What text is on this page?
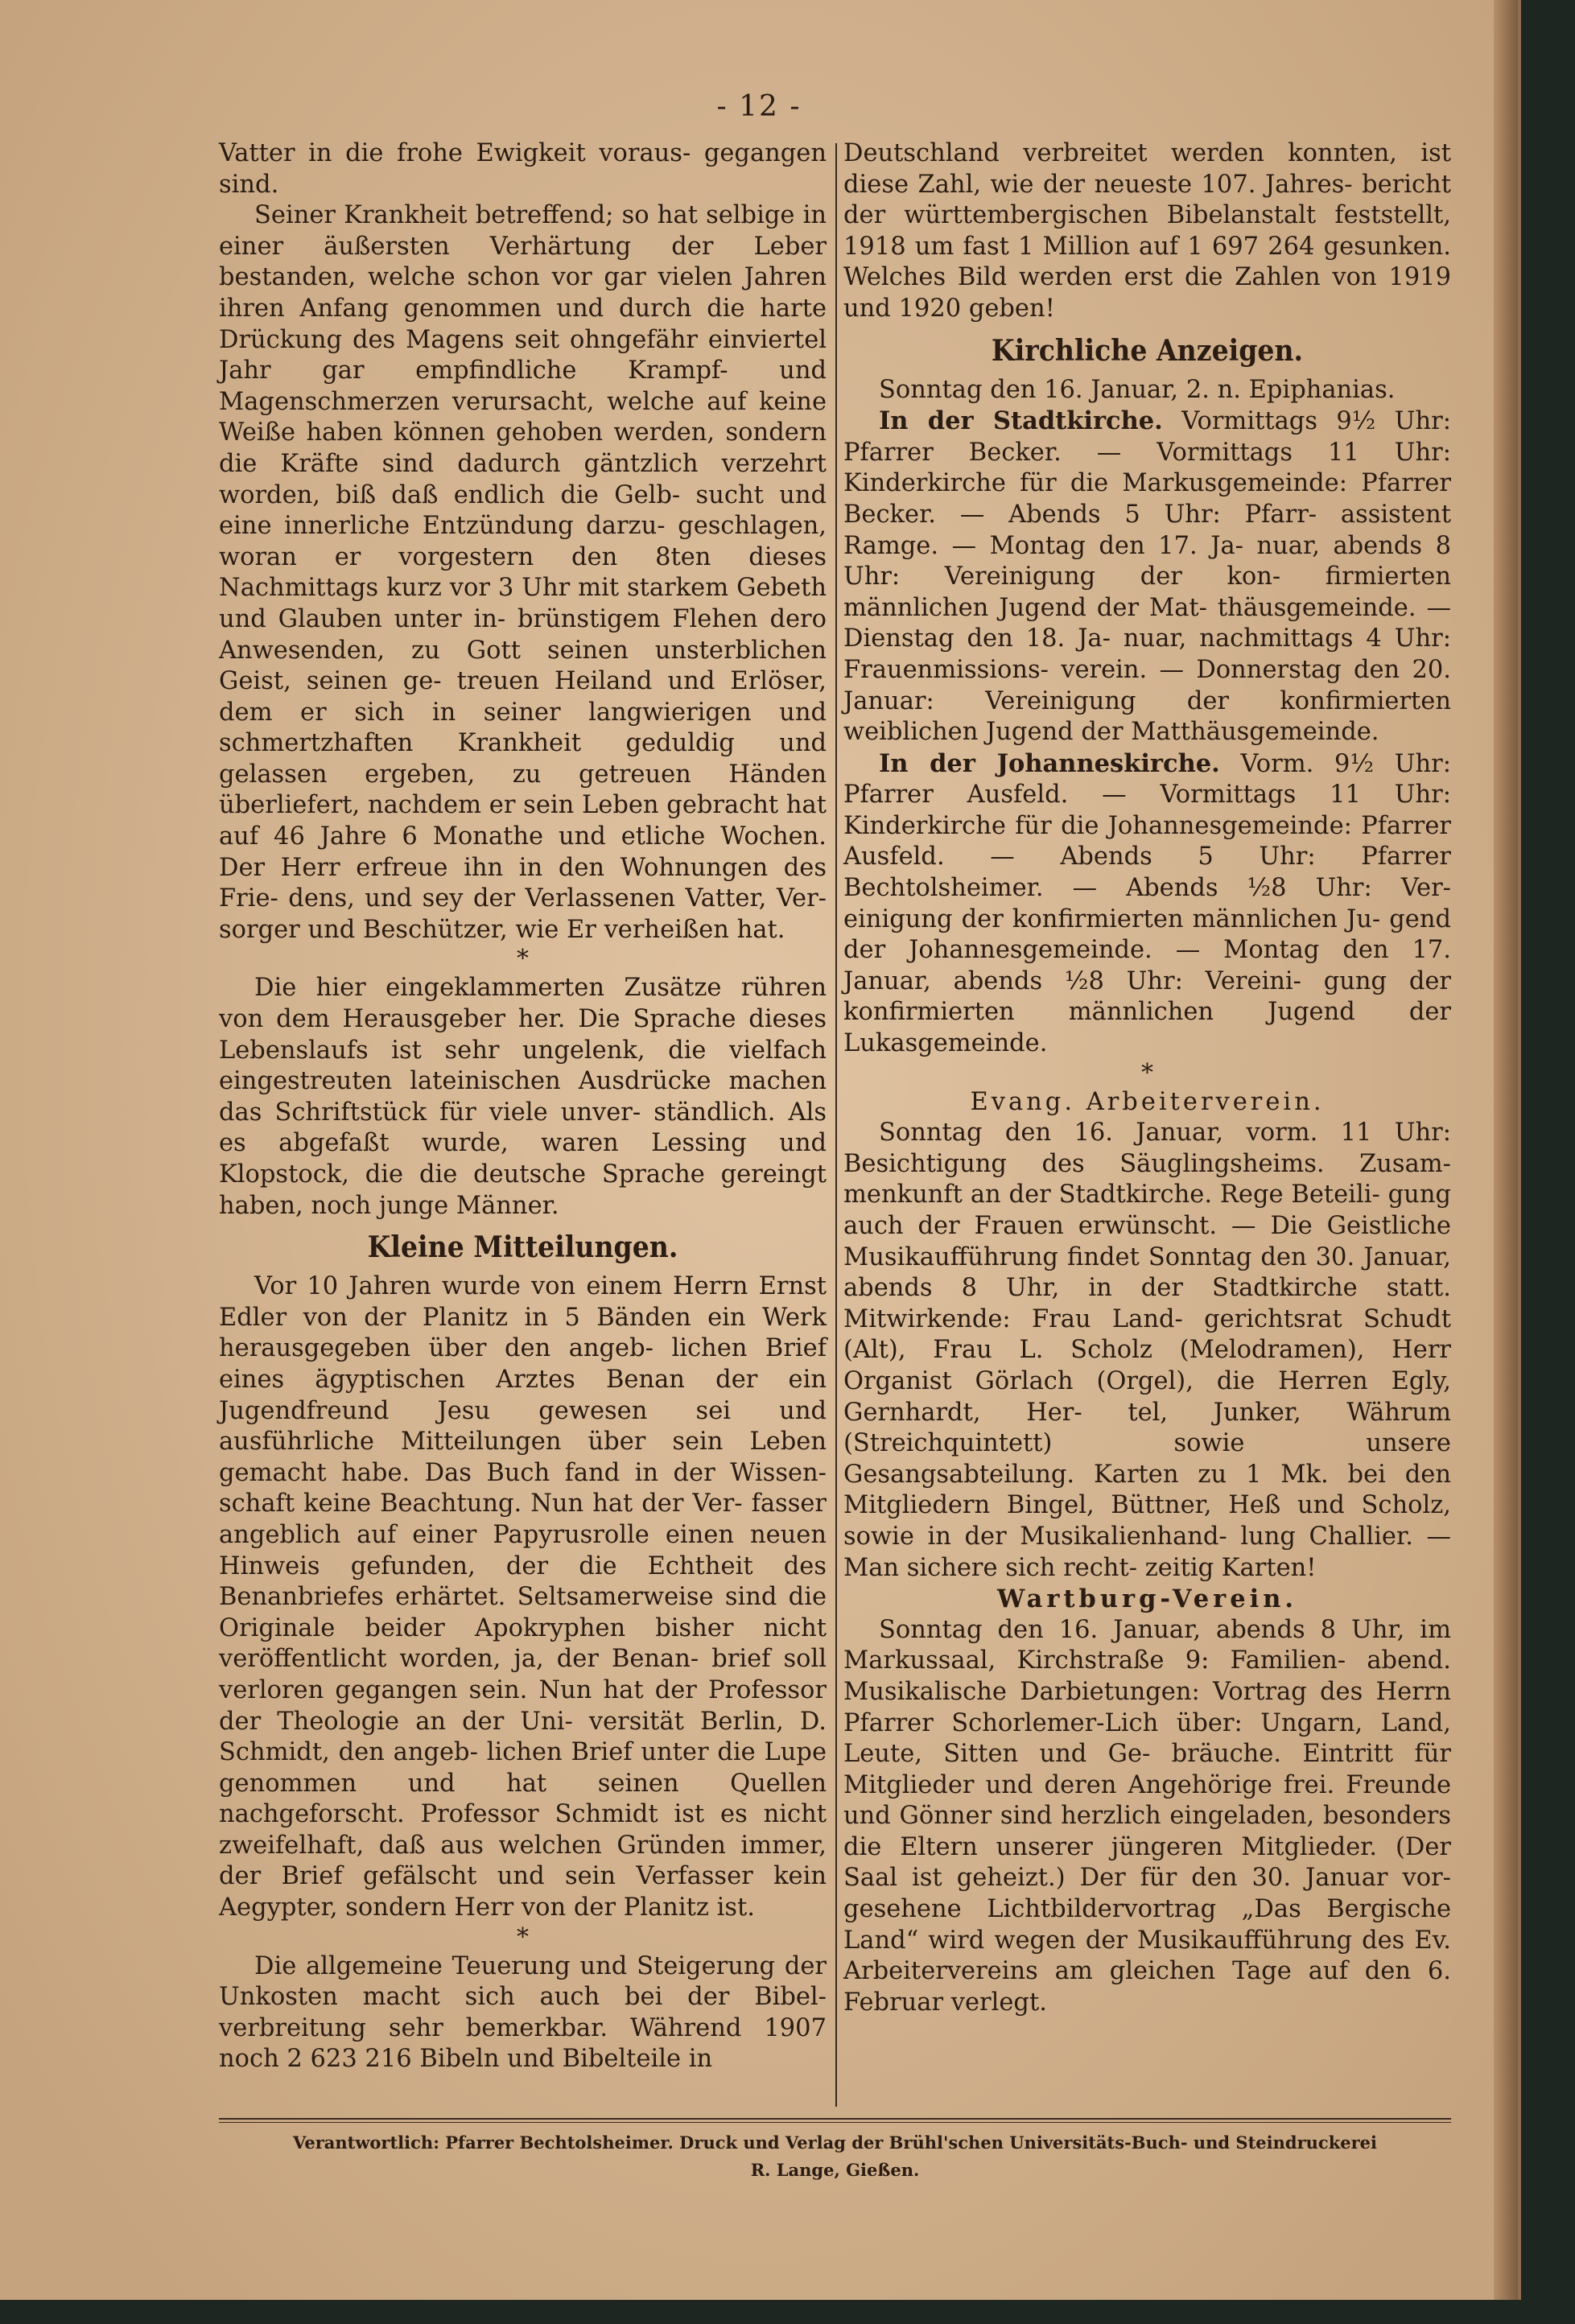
- 12 -

Vatter in die frohe Ewigkeit voraus- gegangen sind.

Seiner Krankheit betreffend; so hat selbige in einer äußersten Verhärtung der Leber bestanden, welche schon vor gar vielen Jahren ihren Anfang genommen und durch die harte Drückung des Magens seit ohngefähr einviertel Jahr gar empfindliche Krampf- und Magenschmerzen verursacht, welche auf keine Weiße haben können gehoben werden, sondern die Kräfte sind dadurch gäntzlich verzehrt worden, biß daß endlich die Gelb- sucht und eine innerliche Entzündung darzu- geschlagen, woran er vorgestern den 8ten dieses Nachmittags kurz vor 3 Uhr mit starkem Gebeth und Glauben unter in- brünstigem Flehen dero Anwesenden, zu Gott seinen unsterblichen Geist, seinen ge- treuen Heiland und Erlöser, dem er sich in seiner langwierigen und schmertzhaften Krankheit geduldig und gelassen ergeben, zu getreuen Händen überliefert, nachdem er sein Leben gebracht hat auf 46 Jahre 6 Monathe und etliche Wochen. Der Herr erfreue ihn in den Wohnungen des Frie- dens, und sey der Verlassenen Vatter, Ver- sorger und Beschützer, wie Er verheißen hat.

*

Die hier eingeklammerten Zusätze rühren von dem Herausgeber her. Die Sprache dieses Lebenslaufs ist sehr ungelenk, die vielfach eingestreuten lateinischen Ausdrücke machen das Schriftstück für viele unver- ständlich. Als es abgefaßt wurde, waren Lessing und Klopstock, die die deutsche Sprache gereingt haben, noch junge Männer.

Kleine Mitteilungen.

Vor 10 Jahren wurde von einem Herrn Ernst Edler von der Planitz in 5 Bänden ein Werk herausgegeben über den angeb- lichen Brief eines ägyptischen Arztes Benan der ein Jugendfreund Jesu gewesen sei und ausführliche Mitteilungen über sein Leben gemacht habe. Das Buch fand in der Wissen- schaft keine Beachtung. Nun hat der Ver- fasser angeblich auf einer Papyrusrolle einen neuen Hinweis gefunden, der die Echtheit des Benanbriefes erhärtet. Seltsamerweise sind die Originale beider Apokryphen bisher nicht veröffentlicht worden, ja, der Benan- brief soll verloren gegangen sein. Nun hat der Professor der Theologie an der Uni- versität Berlin, D. Schmidt, den angeb- lichen Brief unter die Lupe genommen und hat seinen Quellen nachgeforscht. Professor Schmidt ist es nicht zweifelhaft, daß aus welchen Gründen immer, der Brief gefälscht und sein Verfasser kein Aegypter, sondern Herr von der Planitz ist.

*

Die allgemeine Teuerung und Steigerung der Unkosten macht sich auch bei der Bibel- verbreitung sehr bemerkbar. Während 1907 noch 2 623 216 Bibeln und Bibelteile in

Deutschland verbreitet werden konnten, ist diese Zahl, wie der neueste 107. Jahres- bericht der württembergischen Bibelanstalt feststellt, 1918 um fast 1 Million auf 1 697 264 gesunken. Welches Bild werden erst die Zahlen von 1919 und 1920 geben!

Kirchliche Anzeigen.

Sonntag den 16. Januar, 2. n. Epiphanias.

In der Stadtkirche. Vormittags 9½ Uhr: Pfarrer Becker. — Vormittags 11 Uhr: Kinderkirche für die Markusgemeinde: Pfarrer Becker. — Abends 5 Uhr: Pfarr- assistent Ramge. — Montag den 17. Ja- nuar, abends 8 Uhr: Vereinigung der kon- firmierten männlichen Jugend der Mat- thäusgemeinde. — Dienstag den 18. Ja- nuar, nachmittags 4 Uhr: Frauenmissions- verein. — Donnerstag den 20. Januar: Vereinigung der konfirmierten weiblichen Jugend der Matthäusgemeinde.

In der Johanneskirche. Vorm. 9½ Uhr: Pfarrer Ausfeld. — Vormittags 11 Uhr: Kinderkirche für die Johannesgemeinde: Pfarrer Ausfeld. — Abends 5 Uhr: Pfarrer Bechtolsheimer. — Abends ½8 Uhr: Ver- einigung der konfirmierten männlichen Ju- gend der Johannesgemeinde. — Montag den 17. Januar, abends ½8 Uhr: Vereini- gung der konfirmierten männlichen Jugend der Lukasgemeinde.

*
Evang. Arbeiterverein.

Sonntag den 16. Januar, vorm. 11 Uhr: Besichtigung des Säuglingsheims. Zusam- menkunft an der Stadtkirche. Rege Beteili- gung auch der Frauen erwünscht. — Die Geistliche Musikaufführung findet Sonntag den 30. Januar, abends 8 Uhr, in der Stadtkirche statt. Mitwirkende: Frau Land- gerichtsrat Schudt (Alt), Frau L. Scholz (Melodramen), Herr Organist Görlach (Orgel), die Herren Egly, Gernhardt, Her- tel, Junker, Währum (Streichquintett) sowie unsere Gesangsabteilung. Karten zu 1 Mk. bei den Mitgliedern Bingel, Büttner, Heß und Scholz, sowie in der Musikalienhand- lung Challier. — Man sichere sich recht- zeitig Karten!

Wartburg-Verein.

Sonntag den 16. Januar, abends 8 Uhr, im Markussaal, Kirchstraße 9: Familien- abend. Musikalische Darbietungen: Vortrag des Herrn Pfarrer Schorlemer-Lich über: Ungarn, Land, Leute, Sitten und Ge- bräuche. Eintritt für Mitglieder und deren Angehörige frei. Freunde und Gönner sind herzlich eingeladen, besonders die Eltern unserer jüngeren Mitglieder. (Der Saal ist geheizt.) Der für den 30. Januar vor- gesehene Lichtbildervortrag „Das Bergische Land“ wird wegen der Musikaufführung des Ev. Arbeitervereins am gleichen Tage auf den 6. Februar verlegt.

Verantwortlich: Pfarrer Bechtolsheimer. Druck und Verlag der Brühl'schen Universitäts-Buch- und Steindruckerei
R. Lange, Gießen.
